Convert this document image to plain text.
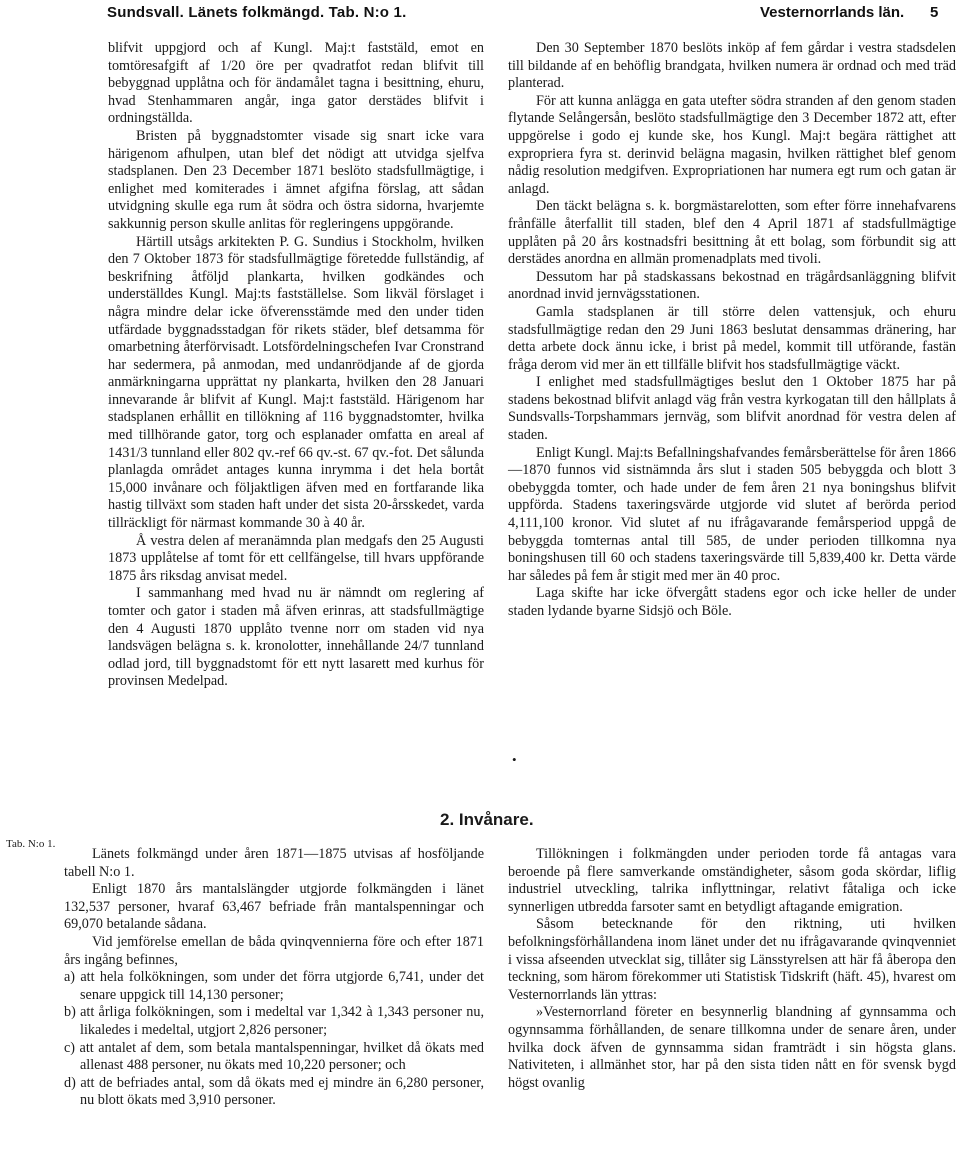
Sundsvall. Länets folkmängd. Tab. N:o 1.	Vesternorrlands län. 5

blifvit uppgjord och af Kungl. Maj:t faststäld, emot en tomtöresafgift af 1/20 öre per qvadratfot redan blifvit till bebyggnad upplåtna och för ändamålet tagna i besittning, ehuru, hvad Stenhammaren angår, inga gator derstädes blifvit i ordningställda.

Bristen på byggnadstomter visade sig snart icke vara härigenom afhulpen, utan blef det nödigt att utvidga sjelfva stadsplanen. Den 23 December 1871 beslöto stadsfullmägtige, i enlighet med komiterades i ämnet afgifna förslag, att sådan utvidgning skulle ega rum åt södra och östra sidorna, hvarjemte sakkunnig person skulle anlitas för regleringens uppgörande.

Härtill utsågs arkitekten P. G. Sundius i Stockholm, hvilken den 7 Oktober 1873 för stadsfullmägtige företedde fullständig, af beskrifning åtföljd plankarta, hvilken godkändes och underställdes Kungl. Maj:ts fastställelse. Som likväl förslaget i några mindre delar icke öfverensstämde med den under tiden utfärdade byggnadsstadgan för rikets städer, blef detsamma för omarbetning återförvisadt. Lotsfördelningschefen Ivar Cronstrand har sedermera, på anmodan, med undanrödjande af de gjorda anmärkningarna upprättat ny plankarta, hvilken den 28 Januari innevarande år blifvit af Kungl. Maj:t faststäld. Härigenom har stadsplanen erhållit en tillökning af 116 byggnadstomter, hvilka med tillhörande gator, torg och esplanader omfatta en areal af 1431/3 tunnland eller 802 qv.-ref 66 qv.-st. 67 qv.-fot. Det sålunda planlagda området antages kunna inrymma i det hela bortåt 15,000 invånare och följaktligen äfven med en fortfarande lika hastig tillväxt som staden haft under det sista 20-årsskedet, varda tillräckligt för närmast kommande 30 à 40 år.

Å vestra delen af meranämnda plan medgafs den 25 Augusti 1873 upplåtelse af tomt för ett cellfängelse, till hvars uppförande 1875 års riksdag anvisat medel.

I sammanhang med hvad nu är nämndt om reglering af tomter och gator i staden må äfven erinras, att stadsfullmägtige den 4 Augusti 1870 upplåto tvenne norr om staden vid nya landsvägen belägna s. k. kronolotter, innehållande 24/7 tunnland odlad jord, till byggnadstomt för ett nytt lasarett med kurhus för provinsen Medelpad.

Den 30 September 1870 beslöts inköp af fem gårdar i vestra stadsdelen till bildande af en behöflig brandgata, hvilken numera är ordnad och med träd planterad.

För att kunna anlägga en gata utefter södra stranden af den genom staden flytande Selångersån, beslöto stadsfullmägtige den 3 December 1872 att, efter uppgörelse i godo ej kunde ske, hos Kungl. Maj:t begära rättighet att expropriera fyra st. derinvid belägna magasin, hvilken rättighet blef genom nådig resolution medgifven. Expropriationen har numera egt rum och gatan är anlagd.

Den täckt belägna s. k. borgmästarelotten, som efter förre innehafvarens frånfälle återfallit till staden, blef den 4 April 1871 af stadsfullmägtige upplåten på 20 års kostnadsfri besittning åt ett bolag, som förbundit sig att derstädes anordna en allmän promenadplats med tivoli.

Dessutom har på stadskassans bekostnad en trägårdsanläggning blifvit anordnad invid jernvägsstationen.

Gamla stadsplanen är till större delen vattensjuk, och ehuru stadsfullmägtige redan den 29 Juni 1863 beslutat densammas dränering, har detta arbete dock ännu icke, i brist på medel, kommit till utförande, fastän fråga derom vid mer än ett tillfälle blifvit hos stadsfullmägtige väckt.

I enlighet med stadsfullmägtiges beslut den 1 Oktober 1875 har på stadens bekostnad blifvit anlagd väg från vestra kyrkogatan till den hållplats å Sundsvalls-Torpshammars jernväg, som blifvit anordnad för vestra delen af staden.

Enligt Kungl. Maj:ts Befallningshafvandes femårsberättelse för åren 1866—1870 funnos vid sistnämnda års slut i staden 505 bebyggda och blott 3 obebyggda tomter, och hade under de fem åren 21 nya boningshus blifvit uppförda. Stadens taxeringsvärde utgjorde vid slutet af berörda period 4,111,100 kronor. Vid slutet af nu ifrågavarande femårsperiod uppgå de bebyggda tomternas antal till 585, de under perioden tillkomna nya boningshusen till 60 och stadens taxeringsvärde till 5,839,400 kr. Detta värde har således på fem år stigit med mer än 40 proc.

Laga skifte har icke öfvergått stadens egor och icke heller de under staden lydande byarne Sidsjö och Böle.

•
2. Invånare.
Tab. N:o 1.

Länets folkmängd under åren 1871—1875 utvisas af hosföljande tabell N:o 1.

Enligt 1870 års mantalslängder utgjorde folkmängden i länet 132,537 personer, hvaraf 63,467 befriade från mantalspenningar och 69,070 betalande sådana.

Vid jemförelse emellan de båda qvinqvennierna före och efter 1871 års ingång befinnes,

a) att hela folkökningen, som under det förra utgjorde 6,741, under det senare uppgick till 14,130 personer;

b) att årliga folkökningen, som i medeltal var 1,342 à 1,343 personer nu, likaledes i medeltal, utgjort 2,826 personer;

c) att antalet af dem, som betala mantalspenningar, hvilket då ökats med allenast 488 personer, nu ökats med 10,220 personer; och

d) att de befriades antal, som då ökats med ej mindre än 6,280 personer, nu blott ökats med 3,910 personer.

Tillökningen i folkmängden under perioden torde få antagas vara beroende på flere samverkande omständigheter, såsom goda skördar, liflig industriel utveckling, talrika inflyttningar, relativt fåtaliga och icke synnerligen utbredda farsoter samt en betydligt aftagande emigration.

Såsom betecknande för den riktning, uti hvilken befolkningsförhållandena inom länet under det nu ifrågavarande qvinqvenniet i vissa afseenden utvecklat sig, tillåter sig Länsstyrelsen att här få åberopa den teckning, som härom förekommer uti Statistisk Tidskrift (häft. 45), hvarest om Vesternorrlands län yttras:

»Vesternorrland företer en besynnerlig blandning af gynnsamma och ogynnsamma förhållanden, de senare tillkomna under de senare åren, under hvilka dock äfven de gynnsamma sidan framträdt i sin högsta glans. Nativiteten, i allmänhet stor, har på den sista tiden nått en för svensk bygd högst ovanlig
